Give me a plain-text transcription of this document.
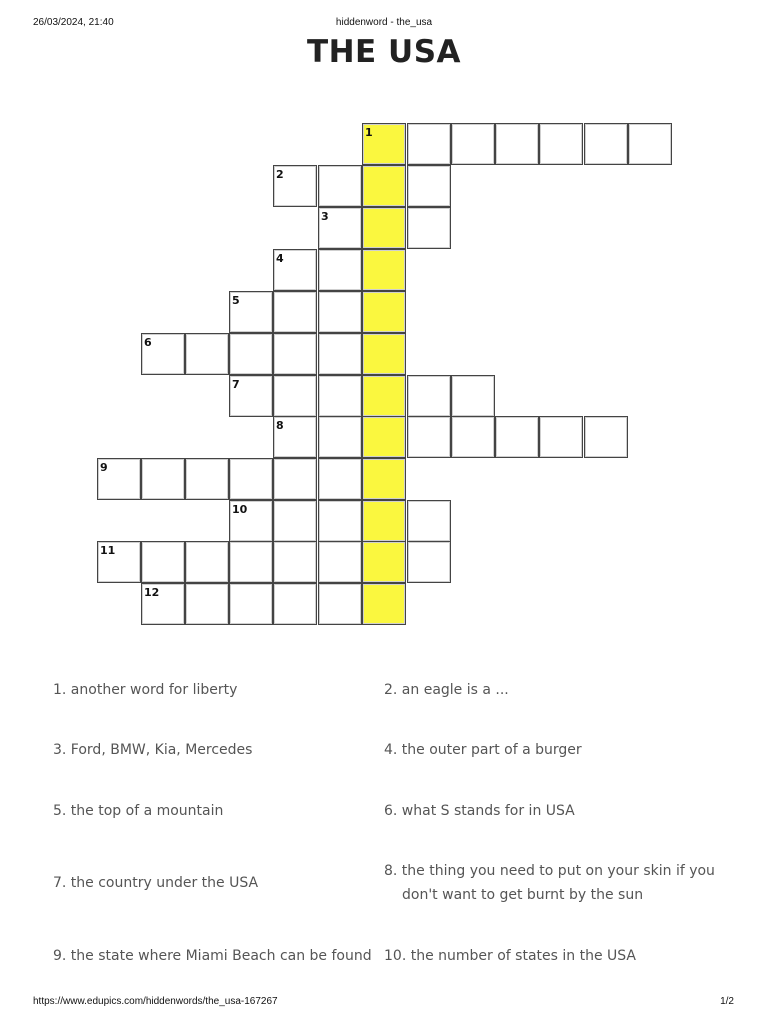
26/03/2024, 21:40	hiddenword - the_usa
THE USA
1
2
3
4
5
6
7
8
9
10
11
12
1. another word for liberty	2. an eagle is a ...
3. Ford, BMW, Kia, Mercedes	4. the outer part of a burger
5. the top of a mountain	6. what S stands for in USA
7. the country under the USA
8. the thing you need to put on your skin if you don't want to get burnt by the sun
9. the state where Miami Beach can be found 10. the number of states in the USA
https://www.edupics.com/hiddenwords/the_usa-167267	1/2
